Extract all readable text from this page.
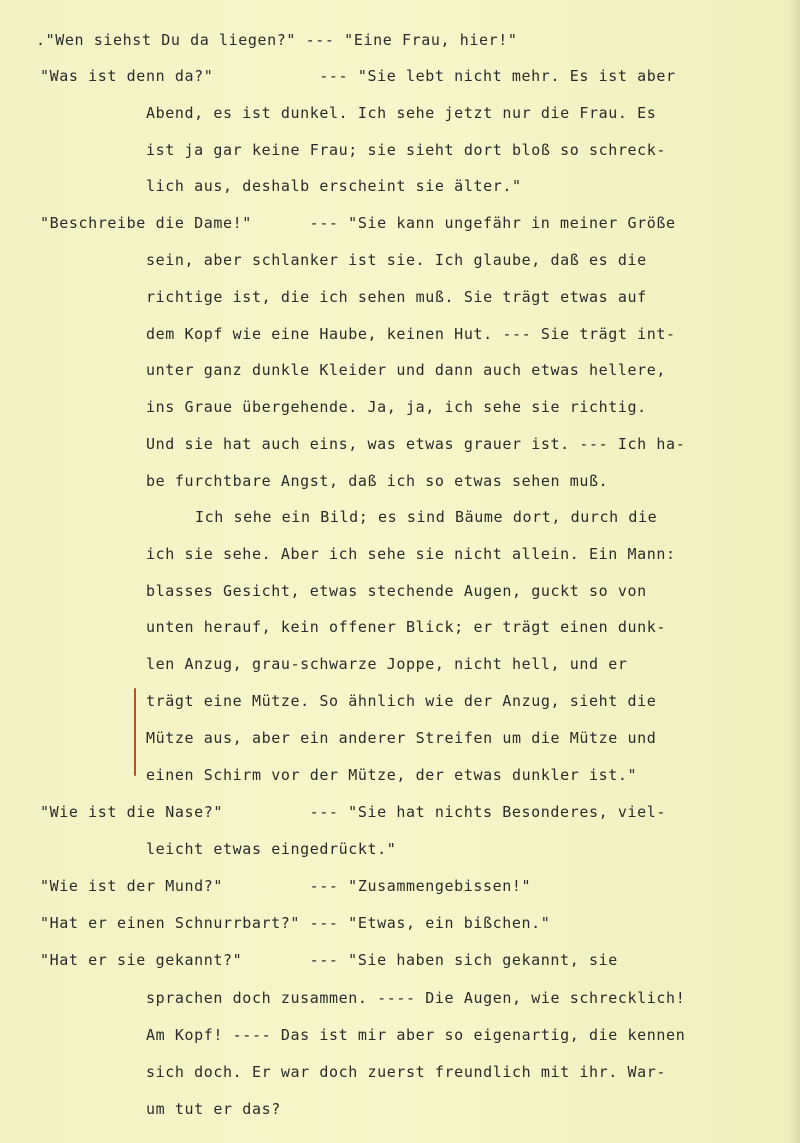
."Wen siehst Du da liegen?" --- "Eine Frau, hier!"
"Was ist denn da?"           --- "Sie lebt nicht mehr. Es ist aber
Abend, es ist dunkel. Ich sehe jetzt nur die Frau. Es
ist ja gar keine Frau; sie sieht dort bloß so schreck-
lich aus, deshalb erscheint sie älter."
"Beschreibe die Dame!"      --- "Sie kann ungefähr in meiner Größe
sein, aber schlanker ist sie. Ich glaube, daß es die
richtige ist, die ich sehen muß. Sie trägt etwas auf
dem Kopf wie eine Haube, keinen Hut. --- Sie trägt int-
unter ganz dunkle Kleider und dann auch etwas hellere,
ins Graue übergehende. Ja, ja, ich sehe sie richtig.
Und sie hat auch eins, was etwas grauer ist. --- Ich ha-
be furchtbare Angst, daß ich so etwas sehen muß.
Ich sehe ein Bild; es sind Bäume dort, durch die
ich sie sehe. Aber ich sehe sie nicht allein. Ein Mann:
blasses Gesicht, etwas stechende Augen, guckt so von
unten herauf, kein offener Blick; er trägt einen dunk-
len Anzug, grau-schwarze Joppe, nicht hell, und er
trägt eine Mütze. So ähnlich wie der Anzug, sieht die
Mütze aus, aber ein anderer Streifen um die Mütze und
einen Schirm vor der Mütze, der etwas dunkler ist."
"Wie ist die Nase?"         --- "Sie hat nichts Besonderes, viel-
leicht etwas eingedrückt."
"Wie ist der Mund?"         --- "Zusammengebissen!"
"Hat er einen Schnurrbart?" --- "Etwas, ein bißchen."
"Hat er sie gekannt?"       --- "Sie haben sich gekannt, sie
sprachen doch zusammen. ---- Die Augen, wie schrecklich!
Am Kopf! ---- Das ist mir aber so eigenartig, die kennen
sich doch. Er war doch zuerst freundlich mit ihr. War-
um tut er das?
